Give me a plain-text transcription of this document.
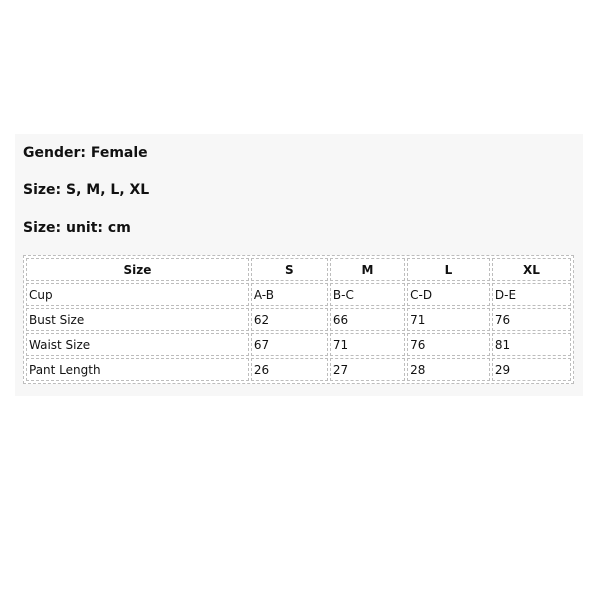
Gender: Female

Size: S, M, L, XL

Size: unit: cm

Size	S	M	L	XL
Cup	A-B	B-C	C-D	D-E
Bust Size	62	66	71	76
Waist Size	67	71	76	81
Pant Length	26	27	28	29
